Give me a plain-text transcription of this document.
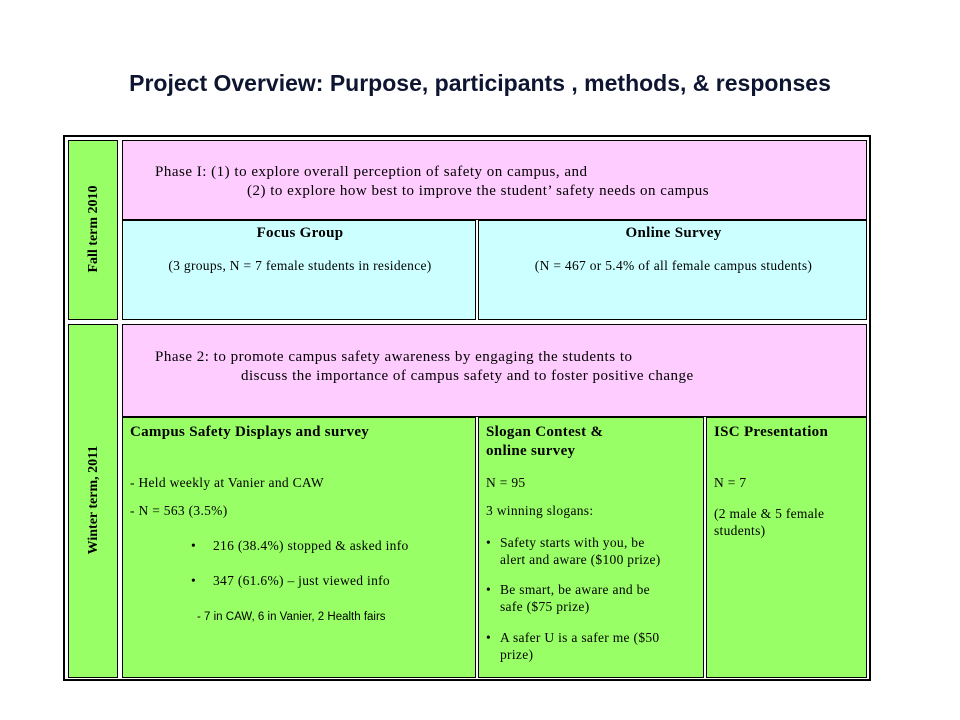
Project Overview: Purpose, participants , methods, & responses
Fall term 2010
Phase I: (1) to explore overall perception of safety on campus, and
(2) to explore how best to improve the student’ safety needs on campus
Focus Group
(3 groups, N = 7 female students in residence)
Online Survey
(N = 467 or 5.4% of all female campus students)
Winter term, 2011
Phase 2: to promote campus safety awareness by engaging the students to
discuss the importance of campus safety and to foster positive change
Campus Safety Displays and survey
- Held weekly at Vanier and CAW
- N = 563 (3.5%)
• 216 (38.4%) stopped & asked info
• 347 (61.6%) – just viewed info
- 7 in CAW, 6 in Vanier, 2 Health fairs
Slogan Contest &
online survey
N = 95
3 winning slogans:
• Safety starts with you, be
alert and aware ($100 prize)
• Be smart, be aware and be
safe ($75 prize)
• A safer U is a safer me ($50
prize)
ISC Presentation
N = 7
(2 male & 5 female
students)
